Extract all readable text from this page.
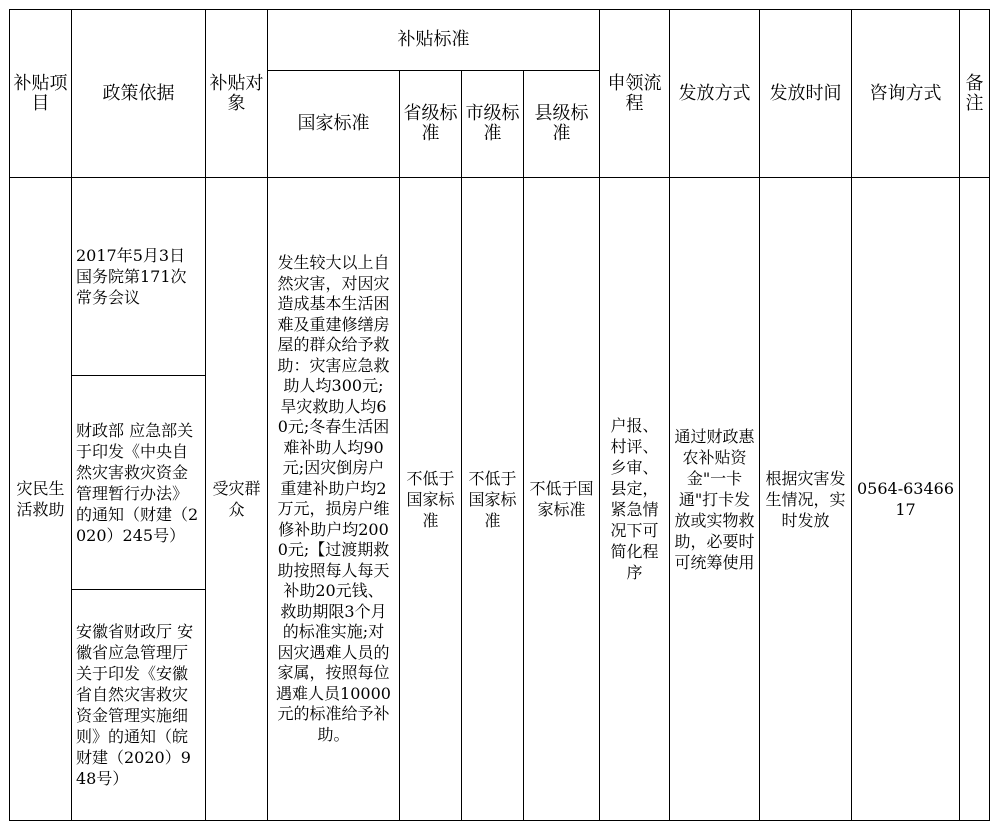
补贴项目	政策依据	补贴对象	补贴标准				申领流程	发放方式	发放时间	咨询方式	备注
			国家标准	省级标准	市级标准	县级标准					
灾民生活救助	2017年5月3日国务院第171次常务会议	受灾群众	发生较大以上自然灾害，对因灾造成基本生活困难及重建修缮房屋的群众给予救助：灾害应急救助人均300元;旱灾救助人均60元;冬春生活困难补助人均90元;因灾倒房户重建补助户均2万元，损房户维修补助户均2000元;【过渡期救助按照每人每天补助20元钱、救助期限3个月的标准实施;对因灾遇难人员的家属，按照每位遇难人员10000 元的标准给予补助。	不低于国家标准	不低于国家标准	不低于国家标准	户报、村评、乡审、县定，紧急情况下可简化程序	通过财政惠农补贴资金"一卡通"打卡发放或实物救助，必要时可统筹使用	根据灾害发生情况，实时发放	0564-6346617	
	财政部 应急部关于印发《中央自然灾害救灾资金管理暂行办法》的通知（财建（2020）245号）										
	安徽省财政厅 安徽省应急管理厅关于印发《安徽省自然灾害救灾资金管理实施细则》的通知（皖财建（2020）948号）										
